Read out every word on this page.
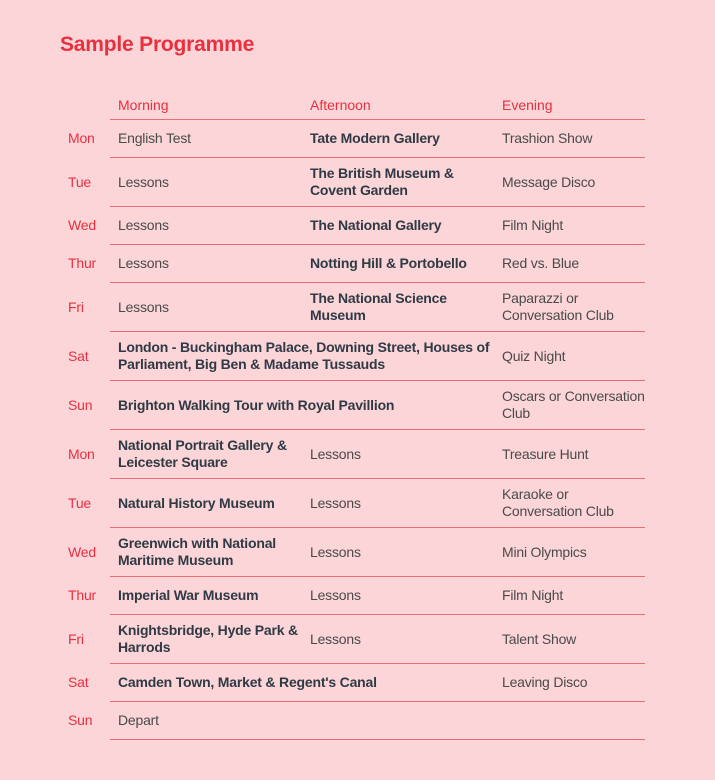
Sample Programme
	Morning	Afternoon	Evening
Mon	English Test	Tate Modern Gallery	Trashion Show
Tue	Lessons	The British Museum & Covent Garden	Message Disco
Wed	Lessons	The National Gallery	Film Night
Thur	Lessons	Notting Hill & Portobello	Red vs. Blue
Fri	Lessons	The National Science Museum	Paparazzi or Conversation Club
Sat	London - Buckingham Palace, Downing Street, Houses of Parliament, Big Ben & Madame Tussauds		Quiz Night
Sun	Brighton Walking Tour with Royal Pavillion		Oscars or Conversation Club
Mon	National Portrait Gallery & Leicester Square	Lessons	Treasure Hunt
Tue	Natural History Museum	Lessons	Karaoke or Conversation Club
Wed	Greenwich with National Maritime Museum	Lessons	Mini Olympics
Thur	Imperial War Museum	Lessons	Film Night
Fri	Knightsbridge, Hyde Park & Harrods	Lessons	Talent Show
Sat	Camden Town, Market & Regent's Canal		Leaving Disco
Sun	Depart		
